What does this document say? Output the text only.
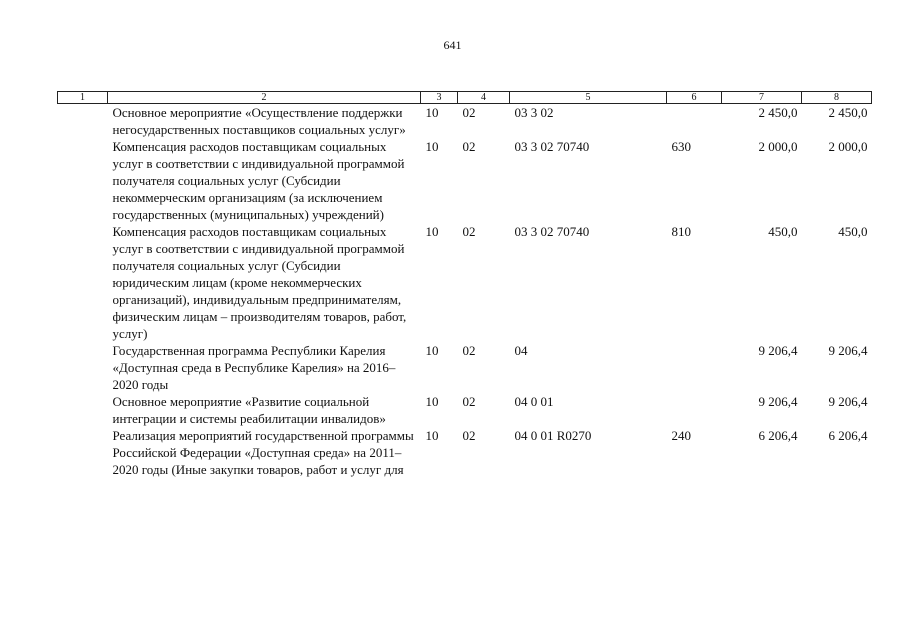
641
1	2	3	4	5	6	7	8
	Основное мероприятие «Осуществление поддержки негосударственных поставщиков социальных услуг»	10	02	03 3 02		2 450,0	2 450,0
	Компенсация расходов поставщикам социальных услуг в соответствии с индивидуальной программой получателя социальных услуг (Субсидии некоммерческим организациям (за исключением государственных (муниципальных) учреждений)	10	02	03 3 02 70740	630	2 000,0	2 000,0
	Компенсация расходов поставщикам социальных услуг в соответствии с индивидуальной программой получателя социальных услуг (Субсидии юридическим лицам (кроме некоммерческих организаций), индивидуальным предпринимателям, физическим лицам – производителям товаров, работ, услуг)	10	02	03 3 02 70740	810	450,0	450,0
	Государственная программа Республики Карелия «Доступная среда в Республике Карелия» на 2016–2020 годы	10	02	04		9 206,4	9 206,4
	Основное мероприятие «Развитие социальной интеграции и системы реабилитации инвалидов»	10	02	04 0 01		9 206,4	9 206,4
	Реализация мероприятий государственной программы Российской Федерации «Доступная среда» на 2011–2020 годы (Иные закупки товаров, работ и услуг для	10	02	04 0 01 R0270	240	6 206,4	6 206,4
